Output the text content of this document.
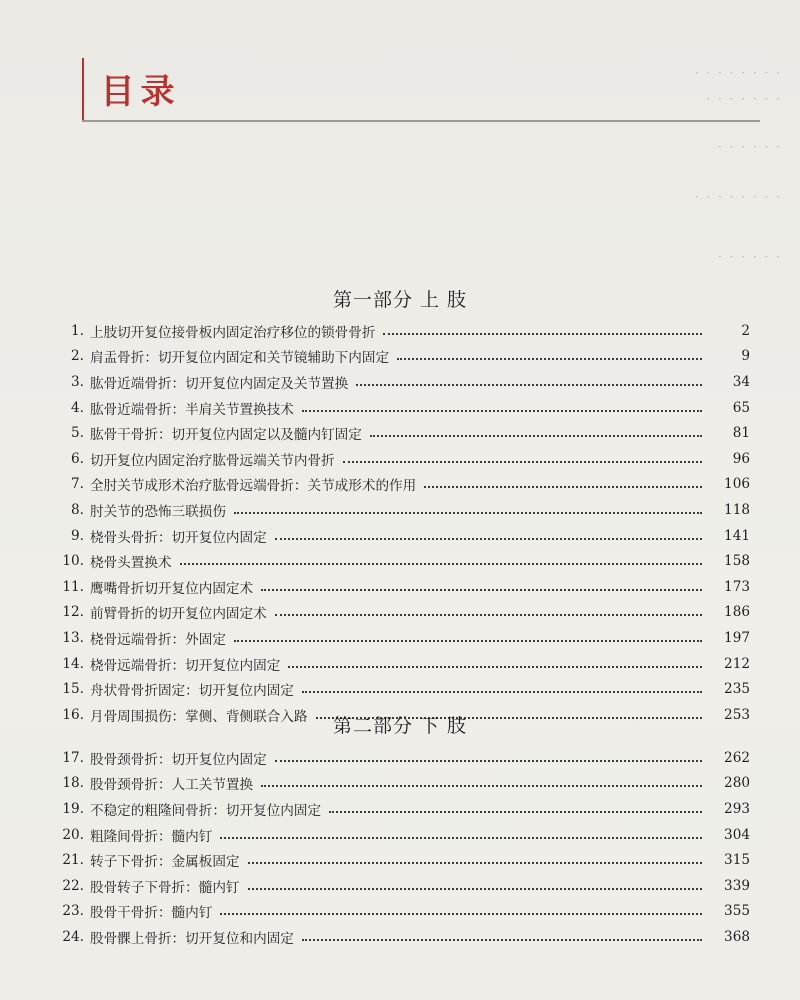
· · · · · · · ·
· · · · · · ·
· · · · · ·
· · · · · · · ·
· · · · · ·
目录
第一部分 上 肢
1. 上肢切开复位接骨板内固定治疗移位的锁骨骨折	2
2. 肩盂骨折：切开复位内固定和关节镜辅助下内固定	9
3. 肱骨近端骨折：切开复位内固定及关节置换	34
4. 肱骨近端骨折：半肩关节置换技术	65
5. 肱骨干骨折：切开复位内固定以及髓内钉固定	81
6. 切开复位内固定治疗肱骨远端关节内骨折	96
7. 全肘关节成形术治疗肱骨远端骨折：关节成形术的作用	106
8. 肘关节的恐怖三联损伤	118
9. 桡骨头骨折：切开复位内固定	141
10. 桡骨头置换术	158
11. 鹰嘴骨折切开复位内固定术	173
12. 前臂骨折的切开复位内固定术	186
13. 桡骨远端骨折：外固定	197
14. 桡骨远端骨折：切开复位内固定	212
15. 舟状骨骨折固定：切开复位内固定	235
16. 月骨周围损伤：掌侧、背侧联合入路	253
第二部分 下 肢
17. 股骨颈骨折：切开复位内固定	262
18. 股骨颈骨折：人工关节置换	280
19. 不稳定的粗隆间骨折：切开复位内固定	293
20. 粗隆间骨折：髓内钉	304
21. 转子下骨折：金属板固定	315
22. 股骨转子下骨折：髓内钉	339
23. 股骨干骨折：髓内钉	355
24. 股骨髁上骨折：切开复位和内固定	368
